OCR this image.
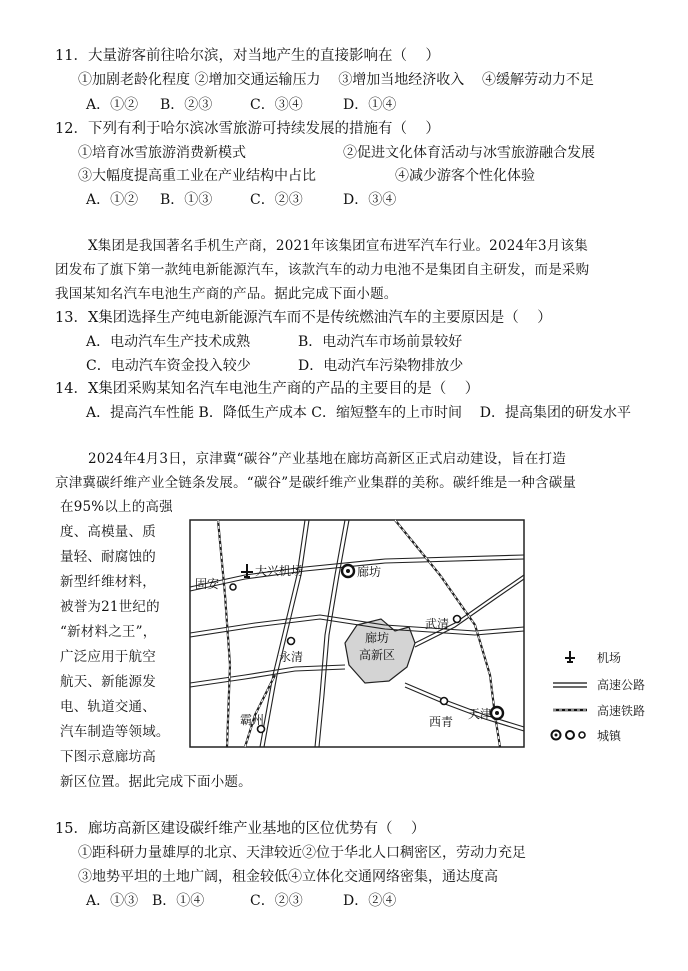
11．大量游客前往哈尔滨，对当地产生的直接影响在（    ）
①加剧老龄化程度 ②增加交通运输压力    ③增加当地经济收入    ④缓解劳动力不足
A．①② B．②③	C．③④	D．①④
12．下列有利于哈尔滨冰雪旅游可持续发展的措施有（    ）
①培育冰雪旅游消费新模式	②促进文化体育活动与冰雪旅游融合发展
③大幅度提高重工业在产业结构中占比	④减少游客个性化体验
A．①② B．①③	C．②③	D．③④
X集团是我国著名手机生产商，2021年该集团宣布进军汽车行业。2024年3月该集
团发布了旗下第一款纯电新能源汽车，该款汽车的动力电池不是集团自主研发，而是采购
我国某知名汽车电池生产商的产品。据此完成下面小题。
13．X集团选择生产纯电新能源汽车而不是传统燃油汽车的主要原因是（    ）
A．电动汽车生产技术成熟	B．电动汽车市场前景较好
C．电动汽车资金投入较少	D．电动汽车污染物排放少
14．X集团采购某知名汽车电池生产商的产品的主要目的是（    ）
A．提高汽车性能 B．降低生产成本 C．缩短整车的上市时间    D．提高集团的研发水平
2024年4月3日，京津冀“碳谷”产业基地在廊坊高新区正式启动建设，旨在打造
京津冀碳纤维产业全链条发展。“碳谷”是碳纤维产业集群的美称。碳纤维是一种含碳量
在95%以上的高强
度、高模量、质
量轻、耐腐蚀的
新型纤维材料，
被誉为21世纪的
“新材料之王”，
广泛应用于航空
航天、新能源发
电、轨道交通、
汽车制造等领域。
下图示意廊坊高
新区位置。据此完成下面小题。
固安
大兴机场	廊坊
永清
廊坊
高新区
武清
霸州	西青
天津
机场
高速公路
高速铁路
城镇
15．廊坊高新区建设碳纤维产业基地的区位优势有（    ）
①距科研力量雄厚的北京、天津较近②位于华北人口稠密区，劳动力充足
③地势平坦的土地广阔，租金较低④立体化交通网络密集，通达度高
A．①③ B．①④	C．②③	D．②④
